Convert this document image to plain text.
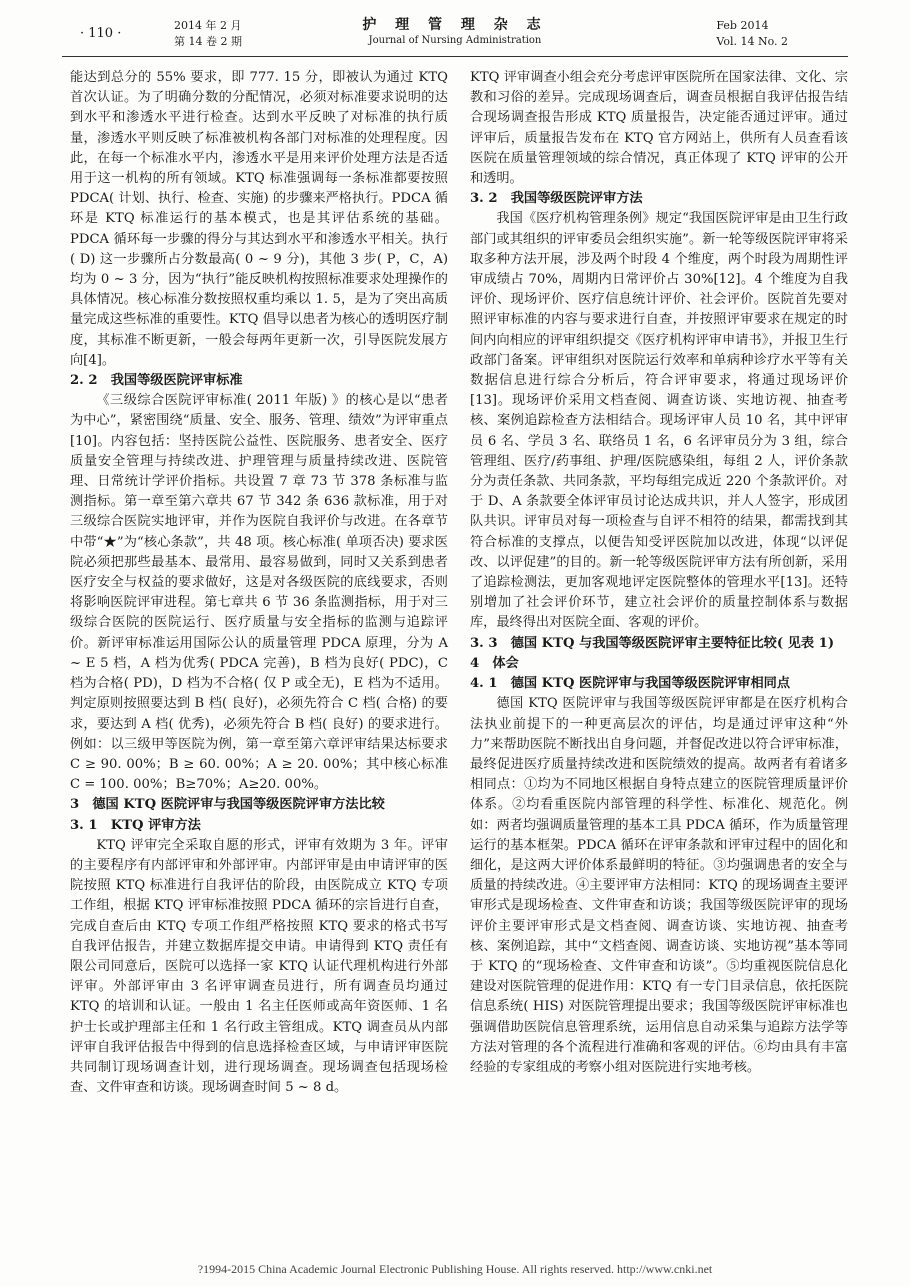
· 110 ·
2014 年 2 月
第 14 卷 2 期
护 理 管 理 杂 志
Journal of Nursing Administration
Feb 2014
Vol. 14 No. 2

能达到总分的 55% 要求，即 777. 15 分，即被认为通过 KTQ 首次认证。为了明确分数的分配情况，必须对标准要求说明的达到水平和渗透水平进行检查。达到水平反映了对标准的执行质量，渗透水平则反映了标准被机构各部门对标准的处理程度。因此，在每一个标准水平内，渗透水平是用来评价处理方法是否适用于这一机构的所有领域。KTQ 标准强调每一条标准都要按照 PDCA( 计划、执行、检查、实施) 的步骤来严格执行。PDCA 循环是 KTQ 标准运行的基本模式，也是其评估系统的基础。PDCA 循环每一步骤的得分与其达到水平和渗透水平相关。执行( D) 这一步骤所占分数最高( 0 ~ 9 分)，其他 3 步( P，C，A) 均为 0 ~ 3 分，因为“执行”能反映机构按照标准要求处理操作的具体情况。核心标准分数按照权重均乘以 1. 5，是为了突出高质量完成这些标准的重要性。KTQ 倡导以患者为核心的透明医疗制度，其标准不断更新，一般会每两年更新一次，引导医院发展方向[4]。

2. 2　我国等级医院评审标准

《三级综合医院评审标准( 2011 年版) 》的核心是以“患者为中心”，紧密围绕“质量、安全、服务、管理、绩效”为评审重点[10]。内容包括：坚持医院公益性、医院服务、患者安全、医疗质量安全管理与持续改进、护理管理与质量持续改进、医院管理、日常统计学评价指标。共设置 7 章 73 节 378 条标准与监测指标。第一章至第六章共 67 节 342 条 636 款标准，用于对三级综合医院实地评审，并作为医院自我评价与改进。在各章节中带“★”为“核心条款”，共 48 项。核心标准( 单项否决) 要求医院必须把那些最基本、最常用、最容易做到，同时又关系到患者医疗安全与权益的要求做好，这是对各级医院的底线要求，否则将影响医院评审进程。第七章共 6 节 36 条监测指标，用于对三级综合医院的医院运行、医疗质量与安全指标的监测与追踪评价。新评审标准运用国际公认的质量管理 PDCA 原理，分为 A ~ E 5 档，A 档为优秀( PDCA 完善)，B 档为良好( PDC)，C 档为合格( PD)，D 档为不合格( 仅 P 或全无)，E 档为不适用。判定原则按照要达到 B 档( 良好)，必须先符合 C 档( 合格) 的要求，要达到 A 档( 优秀)，必须先符合 B 档( 良好) 的要求进行。例如：以三级甲等医院为例，第一章至第六章评审结果达标要求 C ≥ 90. 00%；B ≥ 60. 00%；A ≥ 20. 00%；其中核心标准 C = 100. 00%；B≥70%；A≥20. 00%。

3　德国 KTQ 医院评审与我国等级医院评审方法比较
3. 1　KTQ 评审方法

KTQ 评审完全采取自愿的形式，评审有效期为 3 年。评审的主要程序有内部评审和外部评审。内部评审是由申请评审的医院按照 KTQ 标准进行自我评估的阶段，由医院成立 KTQ 专项工作组，根据 KTQ 评审标准按照 PDCA 循环的宗旨进行自查，完成自查后由 KTQ 专项工作组严格按照 KTQ 要求的格式书写自我评估报告，并建立数据库提交申请。申请得到 KTQ 责任有限公司同意后，医院可以选择一家 KTQ 认证代理机构进行外部评审。外部评审由 3 名评审调查员进行，所有调查员均通过 KTQ 的培训和认证。一般由 1 名主任医师或高年资医师、1 名护士长或护理部主任和 1 名行政主管组成。KTQ 调查员从内部评审自我评估报告中得到的信息选择检查区域，与申请评审医院共同制订现场调查计划，进行现场调查。现场调查包括现场检查、文件审查和访谈。现场调查时间 5 ~ 8 d。

KTQ 评审调查小组会充分考虑评审医院所在国家法律、文化、宗教和习俗的差异。完成现场调查后，调查员根据自我评估报告结合现场调查报告形成 KTQ 质量报告，决定能否通过评审。通过评审后，质量报告发布在 KTQ 官方网站上，供所有人员查看该医院在质量管理领域的综合情况，真正体现了 KTQ 评审的公开和透明。

3. 2　我国等级医院评审方法

我国《医疗机构管理条例》规定“我国医院评审是由卫生行政部门或其组织的评审委员会组织实施”。新一轮等级医院评审将采取多种方法开展，涉及两个时段 4 个维度，两个时段为周期性评审成绩占 70%，周期内日常评价占 30%[12]。4 个维度为自我评价、现场评价、医疗信息统计评价、社会评价。医院首先要对照评审标准的内容与要求进行自查，并按照评审要求在规定的时间内向相应的评审组织提交《医疗机构评审申请书》，并报卫生行政部门备案。评审组织对医院运行效率和单病种诊疗水平等有关数据信息进行综合分析后，符合评审要求，将通过现场评价[13]。现场评价采用文档查阅、调查访谈、实地访视、抽查考核、案例追踪检查方法相结合。现场评审人员 10 名，其中评审员 6 名、学员 3 名、联络员 1 名，6 名评审员分为 3 组，综合管理组、医疗/药事组、护理/医院感染组，每组 2 人，评价条款分为责任条款、共同条款，平均每组完成近 220 个条款评价。对于 D、A 条款要全体评审员讨论达成共识，并人人签字，形成团队共识。评审员对每一项检查与自评不相符的结果，都需找到其符合标准的支撑点，以便告知受评医院加以改进，体现“以评促改、以评促建”的目的。新一轮等级医院评审方法有所创新，采用了追踪检测法，更加客观地评定医院整体的管理水平[13]。还特别增加了社会评价环节，建立社会评价的质量控制体系与数据库，最终得出对医院全面、客观的评价。

3. 3　德国 KTQ 与我国等级医院评审主要特征比较( 见表 1)
4　体会
4. 1　德国 KTQ 医院评审与我国等级医院评审相同点

德国 KTQ 医院评审与我国等级医院评审都是在医疗机构合法执业前提下的一种更高层次的评估，均是通过评审这种“外力”来帮助医院不断找出自身问题，并督促改进以符合评审标准，最终促进医疗质量持续改进和医院绩效的提高。故两者有着诸多相同点：①均为不同地区根据自身特点建立的医院管理质量评价体系。②均看重医院内部管理的科学性、标准化、规范化。例如：两者均强调质量管理的基本工具 PDCA 循环，作为质量管理运行的基本框架。PDCA 循环在评审条款和评审过程中的固化和细化，是这两大评价体系最鲜明的特征。③均强调患者的安全与质量的持续改进。④主要评审方法相同：KTQ 的现场调查主要评审形式是现场检查、文件审查和访谈；我国等级医院评审的现场评价主要评审形式是文档查阅、调查访谈、实地访视、抽查考核、案例追踪，其中“文档查阅、调查访谈、实地访视”基本等同于 KTQ 的“现场检查、文件审查和访谈”。⑤均重视医院信息化建设对医院管理的促进作用：KTQ 有一专门目录信息，依托医院信息系统( HIS) 对医院管理提出要求；我国等级医院评审标准也强调借助医院信息管理系统，运用信息自动采集与追踪方法学等方法对管理的各个流程进行准确和客观的评估。⑥均由具有丰富经验的专家组成的考察小组对医院进行实地考核。

?1994-2015 China Academic Journal Electronic Publishing House. All rights reserved. http://www.cnki.net
